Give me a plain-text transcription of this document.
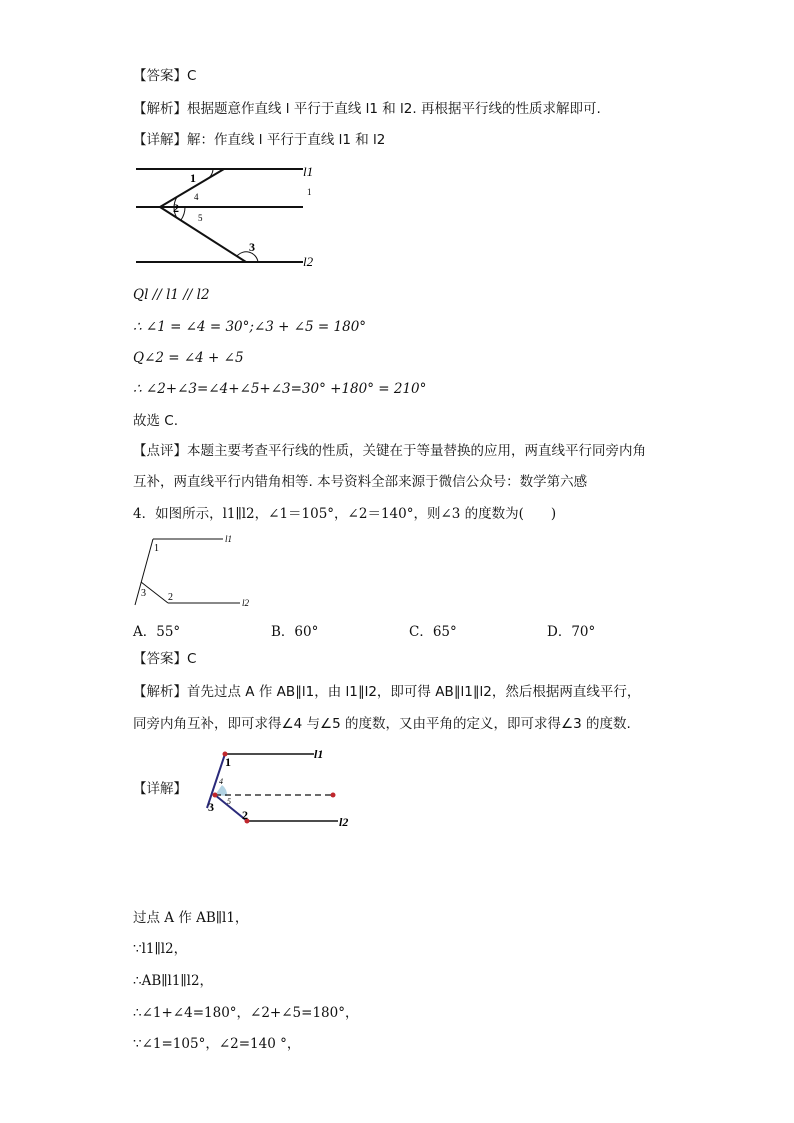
【答案】C
【解析】根据题意作直线 l 平行于直线 l1 和 l2. 再根据平行线的性质求解即可.
【详解】解：作直线 l 平行于直线 l1 和 l2
l1
l2
1
2
3
4
5
1
Ql // l1 // l2
∴ ∠1 = ∠4 = 30°;∠3 + ∠5 = 180°
Q∠2 = ∠4 + ∠5
∴ ∠2+∠3=∠4+∠5+∠3=30° +180° = 210°
故选 C.
【点评】本题主要考查平行线的性质，关键在于等量替换的应用，两直线平行同旁内角
互补，两直线平行内错角相等. 本号资料全部来源于微信公众号：数学第六感
4．如图所示，l1∥l2，∠1＝105°，∠2＝140°，则∠3 的度数为(　　)
l1
l2
1
2
3
A．55°	B．60°	C．65°	D．70°
【答案】C
【解析】首先过点 A 作 AB∥l1，由 l1∥l2，即可得 AB∥l1∥l2，然后根据两直线平行，
同旁内角互补，即可求得∠4 与∠5 的度数，又由平角的定义，即可求得∠3 的度数.
【详解】
l1
l2
1
2
3
4
5
过点 A 作 AB∥l1，
∵l1∥l2，
∴AB∥l1∥l2，
∴∠1+∠4=180°，∠2+∠5=180°，
∵∠1=105°，∠2=140 °，
